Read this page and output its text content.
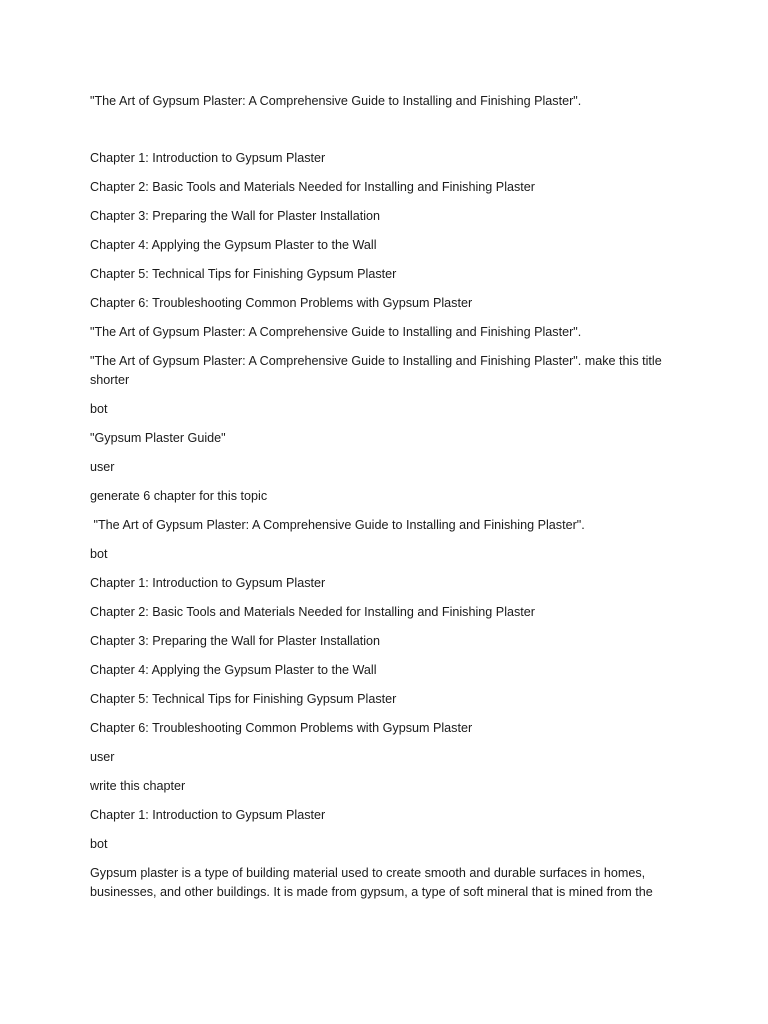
"The Art of Gypsum Plaster: A Comprehensive Guide to Installing and Finishing Plaster".

Chapter 1: Introduction to Gypsum Plaster

Chapter 2: Basic Tools and Materials Needed for Installing and Finishing Plaster

Chapter 3: Preparing the Wall for Plaster Installation

Chapter 4: Applying the Gypsum Plaster to the Wall

Chapter 5: Technical Tips for Finishing Gypsum Plaster

Chapter 6: Troubleshooting Common Problems with Gypsum Plaster

"The Art of Gypsum Plaster: A Comprehensive Guide to Installing and Finishing Plaster".

"The Art of Gypsum Plaster: A Comprehensive Guide to Installing and Finishing Plaster". make this title shorter

bot

"Gypsum Plaster Guide"

user

generate 6 chapter for this topic

"The Art of Gypsum Plaster: A Comprehensive Guide to Installing and Finishing Plaster".

bot

Chapter 1: Introduction to Gypsum Plaster

Chapter 2: Basic Tools and Materials Needed for Installing and Finishing Plaster

Chapter 3: Preparing the Wall for Plaster Installation

Chapter 4: Applying the Gypsum Plaster to the Wall

Chapter 5: Technical Tips for Finishing Gypsum Plaster

Chapter 6: Troubleshooting Common Problems with Gypsum Plaster

user

write this chapter

Chapter 1: Introduction to Gypsum Plaster

bot

Gypsum plaster is a type of building material used to create smooth and durable surfaces in homes, businesses, and other buildings. It is made from gypsum, a type of soft mineral that is mined from the
